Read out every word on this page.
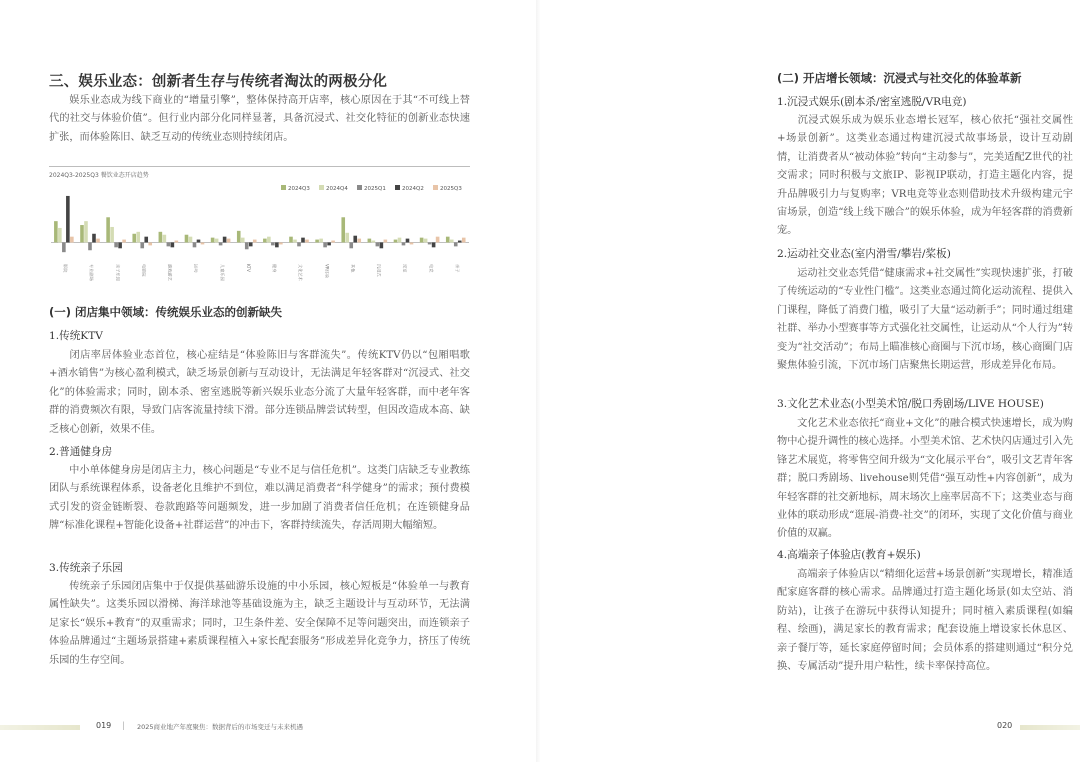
三、娱乐业态：创新者生存与传统者淘汰的两极分化
娱乐业态成为线下商业的“增量引擎”，整体保持高开店率，核心原因在于其“不可线上替代的社交与体验价值”。但行业内部分化同样显著，具备沉浸式、社交化特征的创新业态快速扩张，而体验陈旧、缺乏互动的传统业态则持续闭店。
2024Q3-2025Q3 餐饮业态开店趋势
2024Q3	2024Q4	2025Q1	2024Q2	2025Q3
影院	专业剧场	亲子乐园	电影院	游戏游艺	运动	儿童乐园	KTV	健身	文化艺术	VR体验	其他	沉浸式	密室	电竞	亲子
(一) 闭店集中领域：传统娱乐业态的创新缺失
1.传统KTV
闭店率居体验业态首位，核心症结是“体验陈旧与客群流失”。传统KTV仍以“包厢唱歌+酒水销售”为核心盈利模式，缺乏场景创新与互动设计，无法满足年轻客群对“沉浸式、社交化”的体验需求；同时，剧本杀、密室逃脱等新兴娱乐业态分流了大量年轻客群，而中老年客群的消费频次有限，导致门店客流量持续下滑。部分连锁品牌尝试转型，但因改造成本高、缺乏核心创新，效果不佳。
2.普通健身房
中小单体健身房是闭店主力，核心问题是“专业不足与信任危机”。这类门店缺乏专业教练团队与系统课程体系，设备老化且维护不到位，难以满足消费者“科学健身”的需求；预付费模式引发的资金链断裂、卷款跑路等问题频发，进一步加剧了消费者信任危机；在连锁健身品牌“标准化课程+智能化设备+社群运营”的冲击下，客群持续流失，存活周期大幅缩短。
3.传统亲子乐园
传统亲子乐园闭店集中于仅提供基础游乐设施的中小乐园，核心短板是“体验单一与教育属性缺失”。这类乐园以滑梯、海洋球池等基础设施为主，缺乏主题设计与互动环节，无法满足家长“娱乐+教育”的双重需求；同时，卫生条件差、安全保障不足等问题突出，而连锁亲子体验品牌通过“主题场景搭建+素质课程植入+家长配套服务”形成差异化竞争力，挤压了传统乐园的生存空间。
019 | 2025商业地产年度聚焦：数据背后的市场变迁与未来机遇
(二) 开店增长领域：沉浸式与社交化的体验革新
1.沉浸式娱乐(剧本杀/密室逃脱/VR电竞)
沉浸式娱乐成为娱乐业态增长冠军，核心依托“强社交属性+场景创新”。这类业态通过构建沉浸式故事场景，设计互动剧情，让消费者从“被动体验”转向“主动参与”，完美适配Z世代的社交需求；同时积极与文旅IP、影视IP联动，打造主题化内容，提升品牌吸引力与复购率；VR电竞等业态则借助技术升级构建元宇宙场景，创造“线上线下融合”的娱乐体验，成为年轻客群的消费新宠。
2.运动社交业态(室内滑雪/攀岩/桨板)
运动社交业态凭借“健康需求+社交属性”实现快速扩张，打破了传统运动的“专业性门槛”。这类业态通过简化运动流程、提供入门课程，降低了消费门槛，吸引了大量“运动新手”；同时通过组建社群、举办小型赛事等方式强化社交属性，让运动从“个人行为”转变为“社交活动”；布局上瞄准核心商圈与下沉市场，核心商圈门店聚焦体验引流，下沉市场门店聚焦长期运营，形成差异化布局。
3.文化艺术业态(小型美术馆/脱口秀剧场/LIVE HOUSE)
文化艺术业态依托“商业+文化”的融合模式快速增长，成为购物中心提升调性的核心选择。小型美术馆、艺术快闪店通过引入先锋艺术展览，将零售空间升级为“文化展示平台”，吸引文艺青年客群；脱口秀剧场、livehouse则凭借“强互动性+内容创新”，成为年轻客群的社交新地标，周末场次上座率居高不下；这类业态与商业体的联动形成“逛展-消费-社交”的闭环，实现了文化价值与商业价值的双赢。
4.高端亲子体验店(教育+娱乐)
高端亲子体验店以“精细化运营+场景创新”实现增长，精准适配家庭客群的核心需求。品牌通过打造主题化场景(如太空站、消防站)，让孩子在游玩中获得认知提升；同时植入素质课程(如编程、绘画)，满足家长的教育需求；配套设施上增设家长休息区、亲子餐厅等，延长家庭停留时间；会员体系的搭建则通过“积分兑换、专属活动”提升用户粘性，续卡率保持高位。
020
